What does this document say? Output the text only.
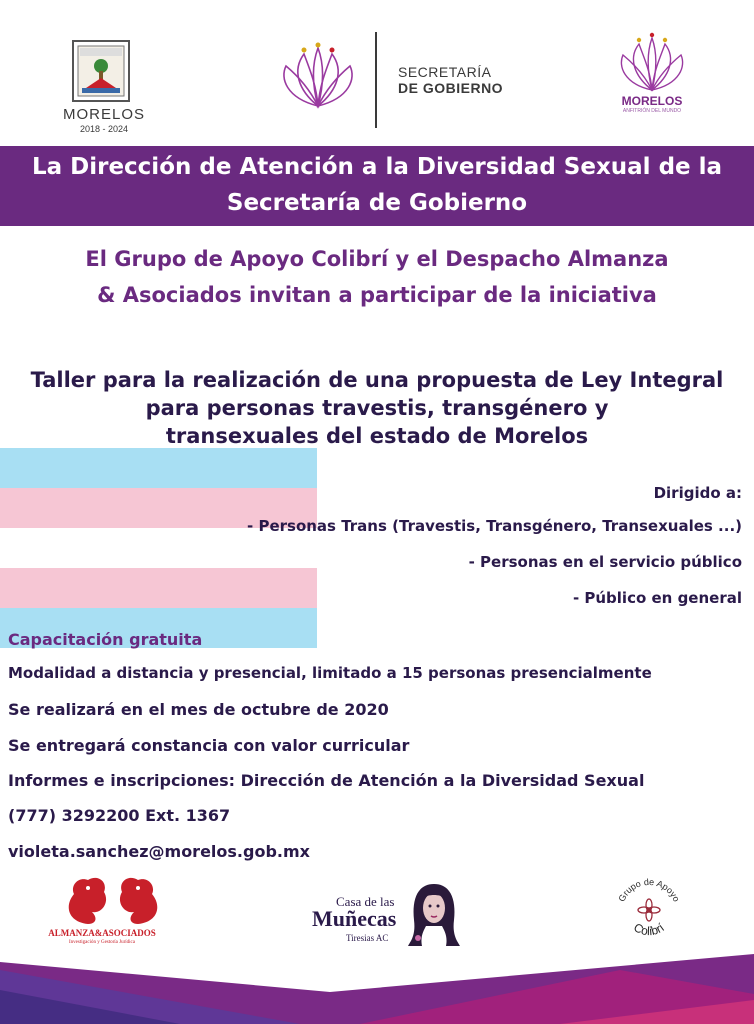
MORELOS
2018 - 2024
SECRETARÍA
DE GOBIERNO
MORELOS
ANFITRIÓN DEL MUNDO
La Dirección de Atención a la Diversidad Sexual de la
Secretaría de Gobierno
El Grupo de Apoyo Colibrí y el Despacho Almanza
& Asociados invitan a participar de la iniciativa
Taller para la realización de una propuesta de Ley Integral
para personas travestis, transgénero y
transexuales del estado de Morelos
Dirigido a:
- Personas Trans (Travestis, Transgénero, Transexuales ...)
- Personas en el servicio público
- Público en general
Capacitación gratuita
Modalidad a distancia y presencial, limitado a 15 personas presencialmente
Se realizará en el mes de octubre de 2020
Se entregará constancia con valor curricular
Informes e inscripciones: Dirección de Atención a la Diversidad Sexual
(777) 3292200 Ext. 1367
violeta.sanchez@morelos.gob.mx
ALMANZA&ASOCIADOS
Investigación y Gestoría Jurídica
Casa de las
Muñecas
Tiresias AC
Grupo de Apoyo
Colibrí
